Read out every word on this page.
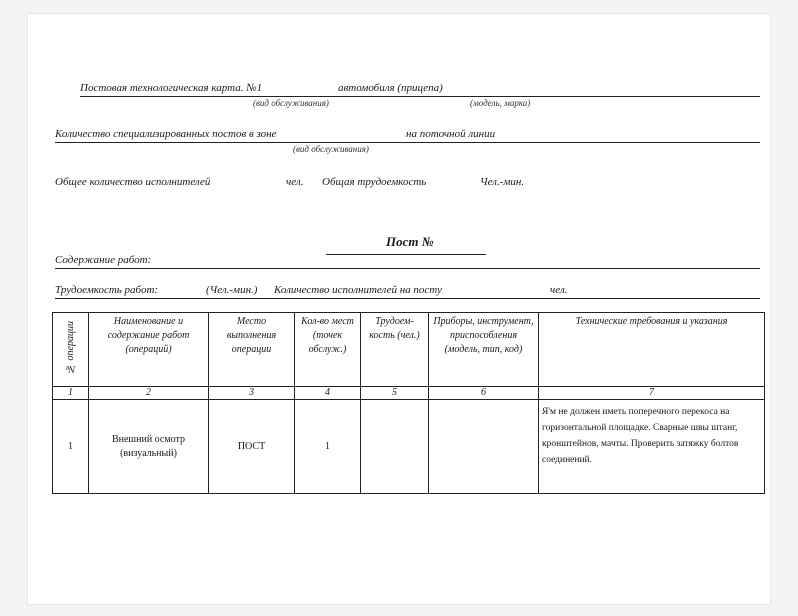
Постовая технологическая карта. №1	автомобиля (прицепа)
(вид обслуживания)	(модель, марка)
Количество специализированных постов в зоне	на поточной линии
(вид обслуживания)
Общее количество исполнителей	чел. Общая трудоемкость	Чел.-мин.
Пост №
Содержание работ:
Трудоемкость работ:	(Чел.-мин.) Количество исполнителей на посту	чел.
№ операции	Наименование и содержание работ (операций)	Место выполнения операции	Кол-во мест (точек обслуж.)	Трудоем-кость (чел.)	Приборы, инструмент, приспособления (модель, тип, код)	Технические требования и указания
1	2	3	4	5	6	7
1	Внешний осмотр (визуальный)	ПОСТ	1			Я'м не должен иметь поперечного перекоса на горизонтальной площадке. Сварные швы штанг, кронштейнов, мачты. Проверить затяжку болтов соединений.
